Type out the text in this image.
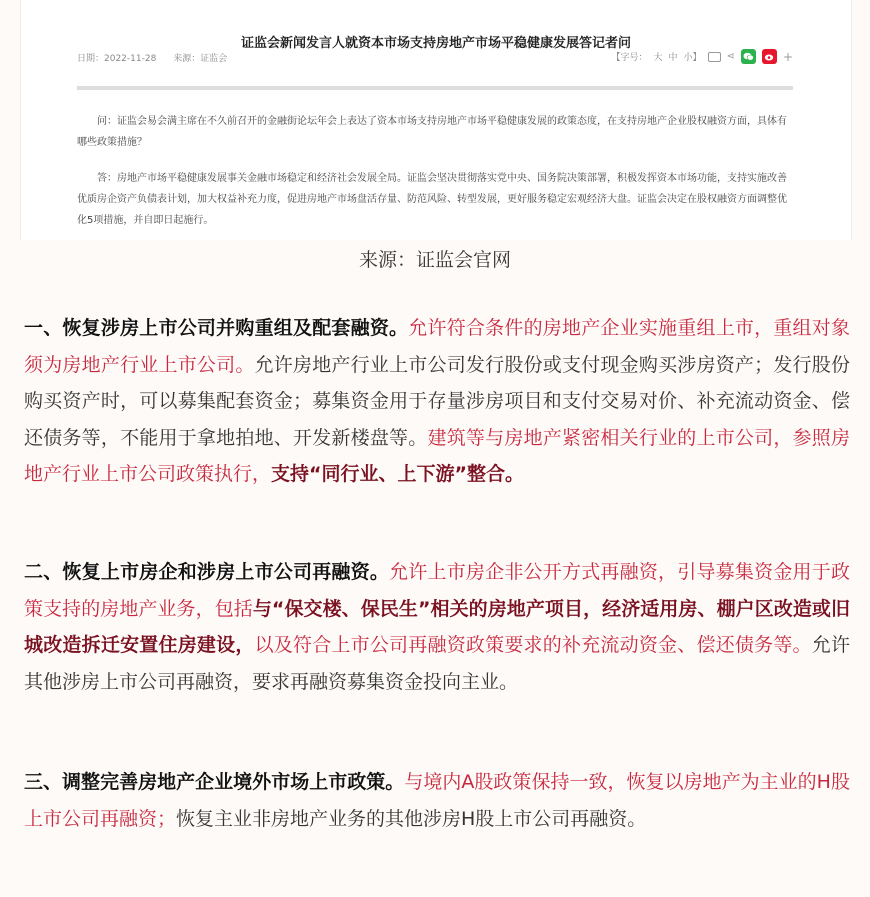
证监会新闻发言人就资本市场支持房地产市场平稳健康发展答记者问
日期：2022-11-28 来源：证监会	【字号： 大 中 小】	⋖	+
问：证监会易会满主席在不久前召开的金融街论坛年会上表达了资本市场支持房地产市场平稳健康发展的政策态度，在支持房地产企业股权融资方面，具体有哪些政策措施？
答：房地产市场平稳健康发展事关金融市场稳定和经济社会发展全局。证监会坚决贯彻落实党中央、国务院决策部署，积极发挥资本市场功能，支持实施改善优质房企资产负债表计划，加大权益补充力度，促进房地产市场盘活存量、防范风险、转型发展，更好服务稳定宏观经济大盘。证监会决定在股权融资方面调整优化5项措施，并自即日起施行。
来源：证监会官网
一、恢复涉房上市公司并购重组及配套融资。允许符合条件的房地产企业实施重组上市，重组对象须为房地产行业上市公司。允许房地产行业上市公司发行股份或支付现金购买涉房资产；发行股份购买资产时，可以募集配套资金；募集资金用于存量涉房项目和支付交易对价、补充流动资金、偿还债务等，不能用于拿地拍地、开发新楼盘等。建筑等与房地产紧密相关行业的上市公司，参照房地产行业上市公司政策执行，支持“同行业、上下游”整合。
二、恢复上市房企和涉房上市公司再融资。允许上市房企非公开方式再融资，引导募集资金用于政策支持的房地产业务，包括与“保交楼、保民生”相关的房地产项目，经济适用房、棚户区改造或旧城改造拆迁安置住房建设，以及符合上市公司再融资政策要求的补充流动资金、偿还债务等。允许其他涉房上市公司再融资，要求再融资募集资金投向主业。
三、调整完善房地产企业境外市场上市政策。与境内A股政策保持一致，恢复以房地产为主业的H股上市公司再融资；恢复主业非房地产业务的其他涉房H股上市公司再融资。
